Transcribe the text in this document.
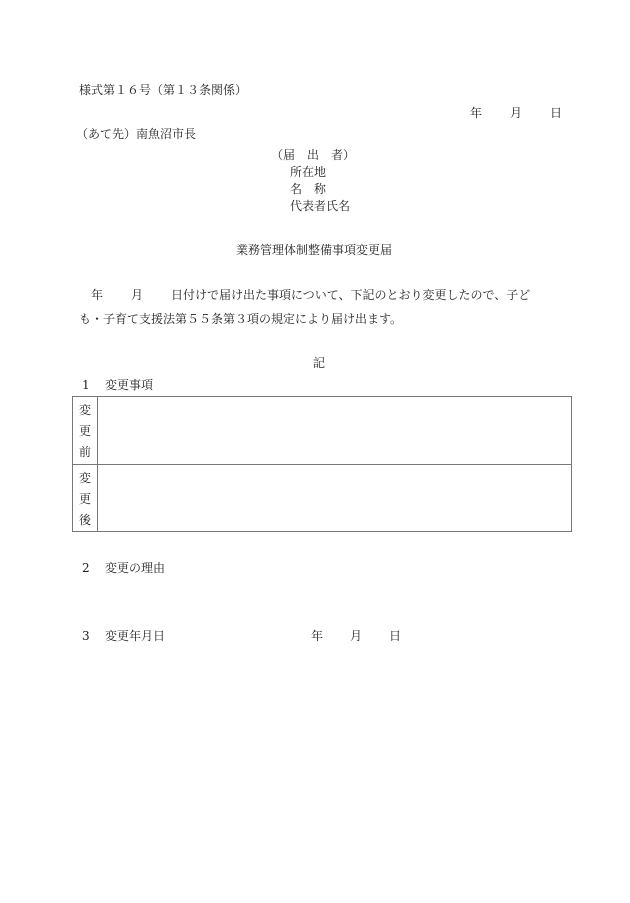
様式第１６号（第１３条関係）
年 月 日
（あて先）南魚沼市長
（届　出　者）
所在地
名　称
代表者氏名
業務管理体制整備事項変更届
年 月 日付けで届け出た事項について、下記のとおり変更したので、子ど
も・子育て支援法第５５条第３項の規定により届け出ます。
記
1 変更事項
変
更
前
変
更
後
2 変更の理由
3 変更年月日	年 月 日
